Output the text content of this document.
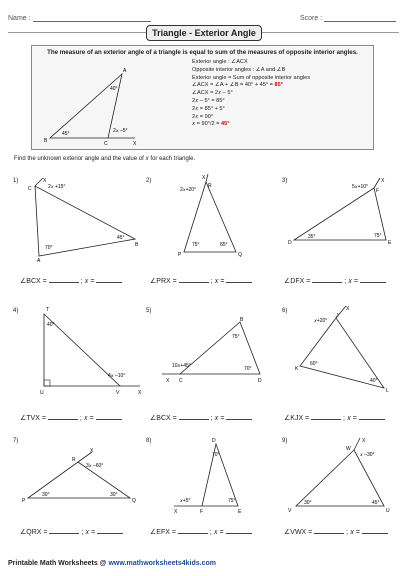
Name :	Score :
Triangle - Exterior Angle
The measure of an exterior angle of a triangle is equal to sum of the measures of opposite interior angles.
A
B	C	X
40°
45°	2𝑥 –5°
Exterior angle : ∠ACX
Opposite interior angles : ∠A and ∠B
Exterior angle = Sum of opposite interior angles
∠ACX = ∠A + ∠B = 40° + 45° = 85°
∠ACX = 2𝑥 – 5°
2𝑥 – 5° = 85°
2𝑥 = 85° + 5°
2𝑥 = 90°
𝑥 = 90°/2 = 45°
Find the unknown exterior angle and the value of 𝑥 for each triangle.
1)	X
C
A
B
2𝑥 +15°
70°
45°
∠BCX =	; 𝑥 =
2)	X
R
P	Q
2𝑥+20°
75°	65°
∠PRX =	; 𝑥 =
3)	X
F
D	E
5𝑥+10°
35°	75°
∠DFX =	; 𝑥 =
4)	T
U	V	X
40°
4𝑥 –10°
∠TVX =	; 𝑥 =
5)
B
C	D
X
10𝑥+45°
75°
70°
∠BCX =	; 𝑥 =
6)	X
J
K
L
𝑥+20°
60°
40°
∠KJX =	; 𝑥 =
7)
X
R
P	Q
3𝑥 –60°
30°	30°
∠QRX =	; 𝑥 =
8)	D
X	F	E
𝑥+5°
70°
75°
∠EFX =	; 𝑥 =
9)	X
W
V	U
𝑥 –30°
30°	45°
∠VWX =	; 𝑥 =
Printable Math Worksheets @ www.mathworksheets4kids.com
